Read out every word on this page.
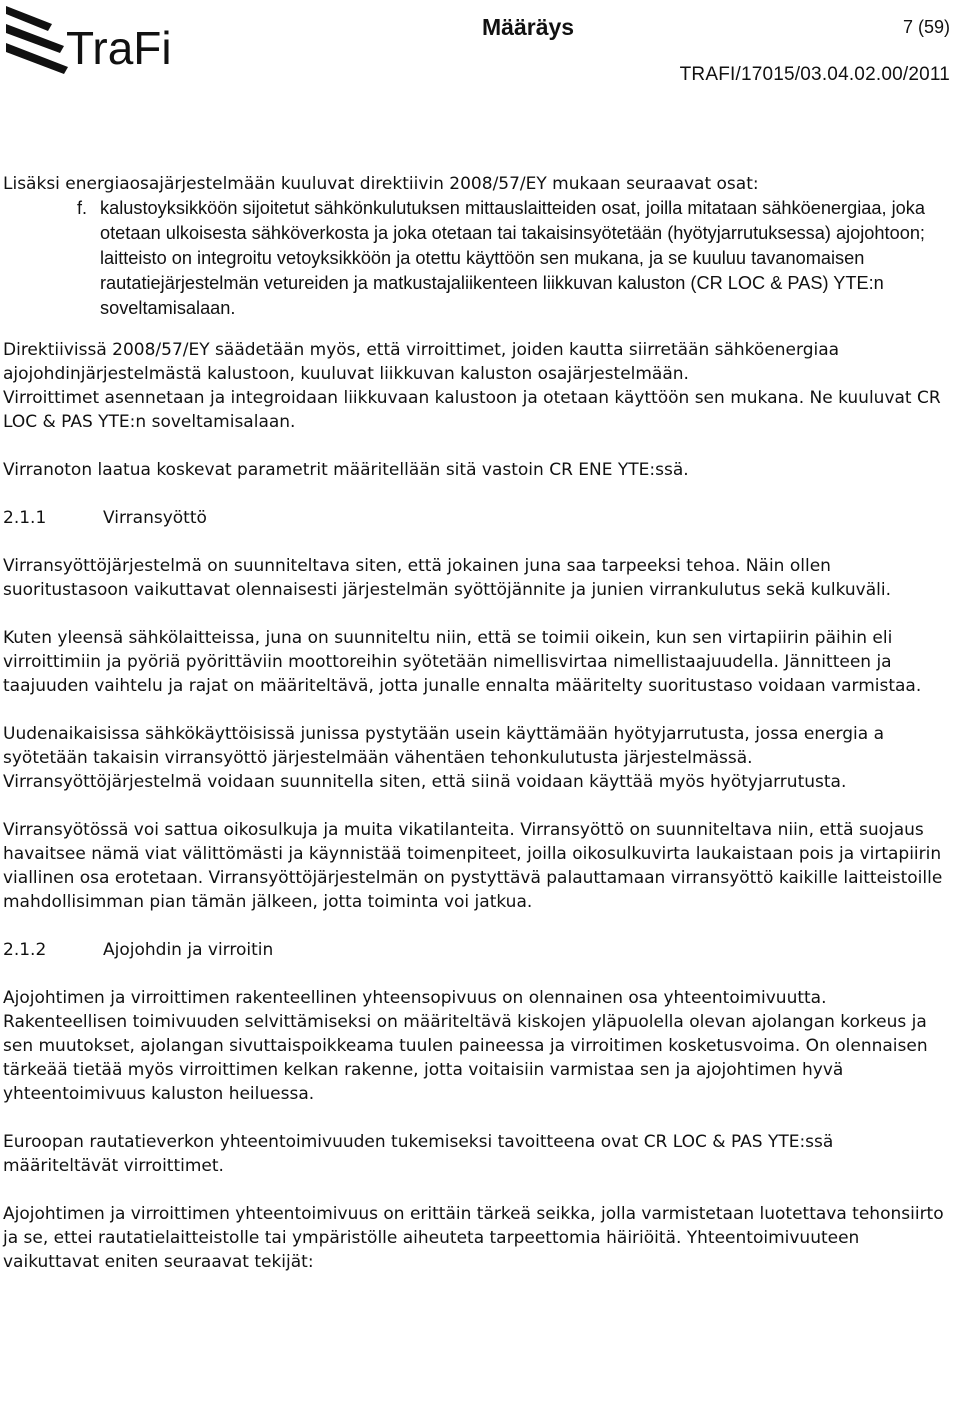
TraFi	Määräys	7 (59)
TRAFI/17015/03.04.02.00/2011

Lisäksi energiaosajärjestelmään kuuluvat direktiivin 2008/57/EY mukaan seuraavat osat:

f. kalustoyksikköön sijoitetut sähkönkulutuksen mittauslaitteiden osat, joilla mitataan sähköenergiaa, joka otetaan ulkoisesta sähköverkosta ja joka otetaan tai takaisinsyötetään (hyötyjarrutuksessa) ajojohtoon; laitteisto on integroitu vetoyksikköön ja otettu käyttöön sen mukana, ja se kuuluu tavanomaisen rautatiejärjestelmän vetureiden ja matkustajaliikenteen liikkuvan kaluston (CR LOC & PAS) YTE:n soveltamisalaan.

Direktiivissä 2008/57/EY säädetään myös, että virroittimet, joiden kautta siirretään sähköenergiaa ajojohdinjärjestelmästä kalustoon, kuuluvat liikkuvan kaluston osajärjestelmään.

Virroittimet asennetaan ja integroidaan liikkuvaan kalustoon ja otetaan käyttöön sen mukana. Ne kuuluvat CR LOC & PAS YTE:n soveltamisalaan.

Virranoton laatua koskevat parametrit määritellään sitä vastoin CR ENE YTE:ssä.

2.1.1	Virransyöttö

Virransyöttöjärjestelmä on suunniteltava siten, että jokainen juna saa tarpeeksi tehoa. Näin ollen suoritustasoon vaikuttavat olennaisesti järjestelmän syöttöjännite ja junien virrankulutus sekä kulkuväli.

Kuten yleensä sähkölaitteissa, juna on suunniteltu niin, että se toimii oikein, kun sen virtapiirin päihin eli virroittimiin ja pyöriä pyörittäviin moottoreihin syötetään nimellisvirtaa nimellistaajuudella. Jännitteen ja taajuuden vaihtelu ja rajat on määriteltävä, jotta junalle ennalta määritelty suoritustaso voidaan varmistaa.

Uudenaikaisissa sähkökäyttöisissä junissa pystytään usein käyttämään hyötyjarrutusta, jossa energia a syötetään takaisin virransyöttö järjestelmään vähentäen tehonkulutusta järjestelmässä. Virransyöttöjärjestelmä voidaan suunnitella siten, että siinä voidaan käyttää myös hyötyjarrutusta.

Virransyötössä voi sattua oikosulkuja ja muita vikatilanteita. Virransyöttö on suunniteltava niin, että suojaus havaitsee nämä viat välittömästi ja käynnistää toimenpiteet, joilla oikosulkuvirta laukaistaan pois ja virtapiirin viallinen osa erotetaan. Virransyöttöjärjestelmän on pystyttävä palauttamaan virransyöttö kaikille laitteistoille mahdollisimman pian tämän jälkeen, jotta toiminta voi jatkua.

2.1.2	Ajojohdin ja virroitin

Ajojohtimen ja virroittimen rakenteellinen yhteensopivuus on olennainen osa yhteentoimivuutta. Rakenteellisen toimivuuden selvittämiseksi on määriteltävä kiskojen yläpuolella olevan ajolangan korkeus ja sen muutokset, ajolangan sivuttaispoikkeama tuulen paineessa ja virroitimen kosketusvoima. On olennaisen tärkeää tietää myös virroittimen kelkan rakenne, jotta voitaisiin varmistaa sen ja ajojohtimen hyvä yhteentoimivuus kaluston heiluessa.

Euroopan rautatieverkon yhteentoimivuuden tukemiseksi tavoitteena ovat CR LOC & PAS YTE:ssä määriteltävät virroittimet.

Ajojohtimen ja virroittimen yhteentoimivuus on erittäin tärkeä seikka, jolla varmistetaan luotettava tehonsiirto ja se, ettei rautatielaitteistolle tai ympäristölle aiheuteta tarpeettomia häiriöitä. Yhteentoimivuuteen vaikuttavat eniten seuraavat tekijät:
